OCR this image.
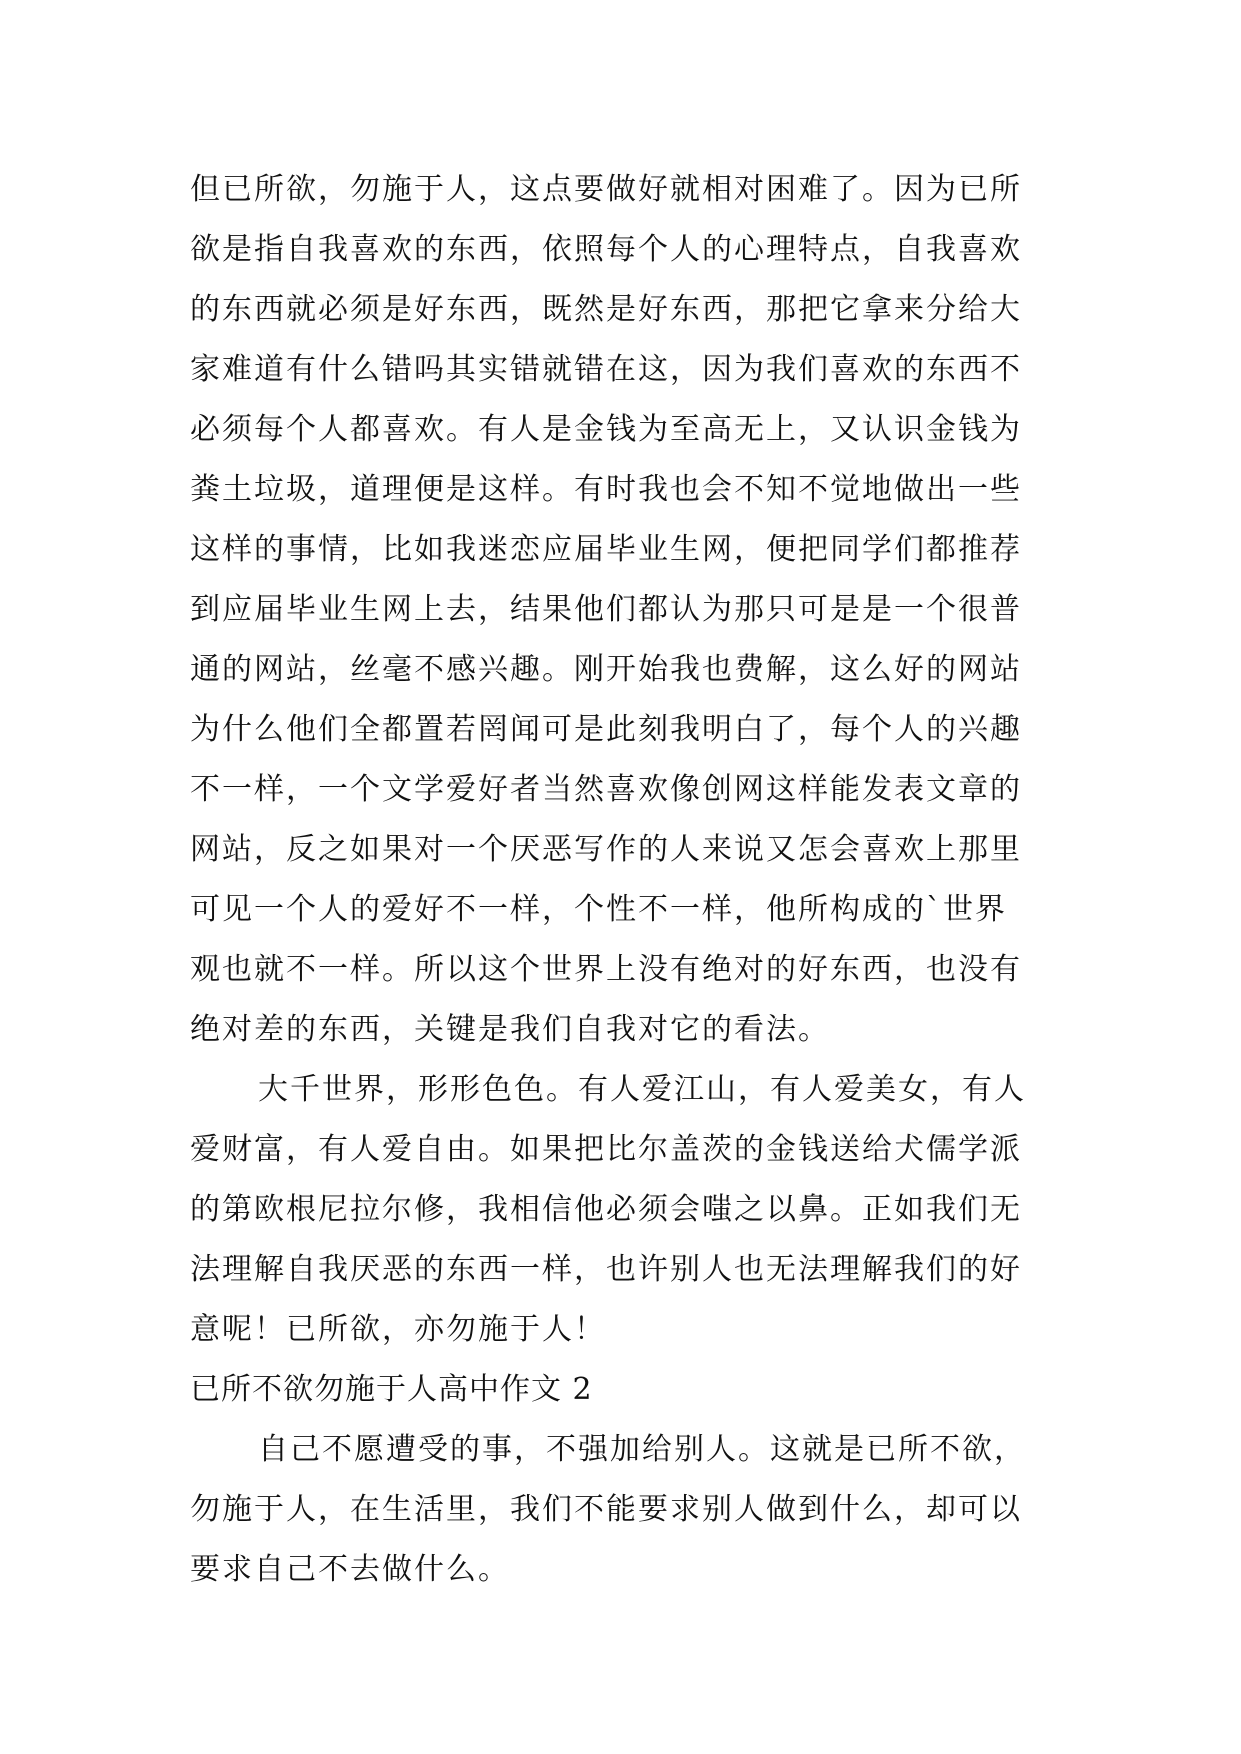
但已所欲，勿施于人，这点要做好就相对困难了。因为已所
欲是指自我喜欢的东西，依照每个人的心理特点，自我喜欢
的东西就必须是好东西，既然是好东西，那把它拿来分给大
家难道有什么错吗其实错就错在这，因为我们喜欢的东西不
必须每个人都喜欢。有人是金钱为至高无上，又认识金钱为
粪土垃圾，道理便是这样。有时我也会不知不觉地做出一些
这样的事情，比如我迷恋应届毕业生网，便把同学们都推荐
到应届毕业生网上去，结果他们都认为那只可是是一个很普
通的网站，丝毫不感兴趣。刚开始我也费解，这么好的网站
为什么他们全都置若罔闻可是此刻我明白了，每个人的兴趣
不一样，一个文学爱好者当然喜欢像创网这样能发表文章的
网站，反之如果对一个厌恶写作的人来说又怎会喜欢上那里
可见一个人的爱好不一样，个性不一样，他所构成的`世界
观也就不一样。所以这个世界上没有绝对的好东西，也没有
绝对差的东西，关键是我们自我对它的看法。
大千世界，形形色色。有人爱江山，有人爱美女，有人
爱财富，有人爱自由。如果把比尔盖茨的金钱送给犬儒学派
的第欧根尼拉尔修，我相信他必须会嗤之以鼻。正如我们无
法理解自我厌恶的东西一样，也许别人也无法理解我们的好
意呢！已所欲，亦勿施于人！
已所不欲勿施于人高中作文 2
自己不愿遭受的事，不强加给别人。这就是已所不欲，
勿施于人，在生活里，我们不能要求别人做到什么，却可以
要求自己不去做什么。
